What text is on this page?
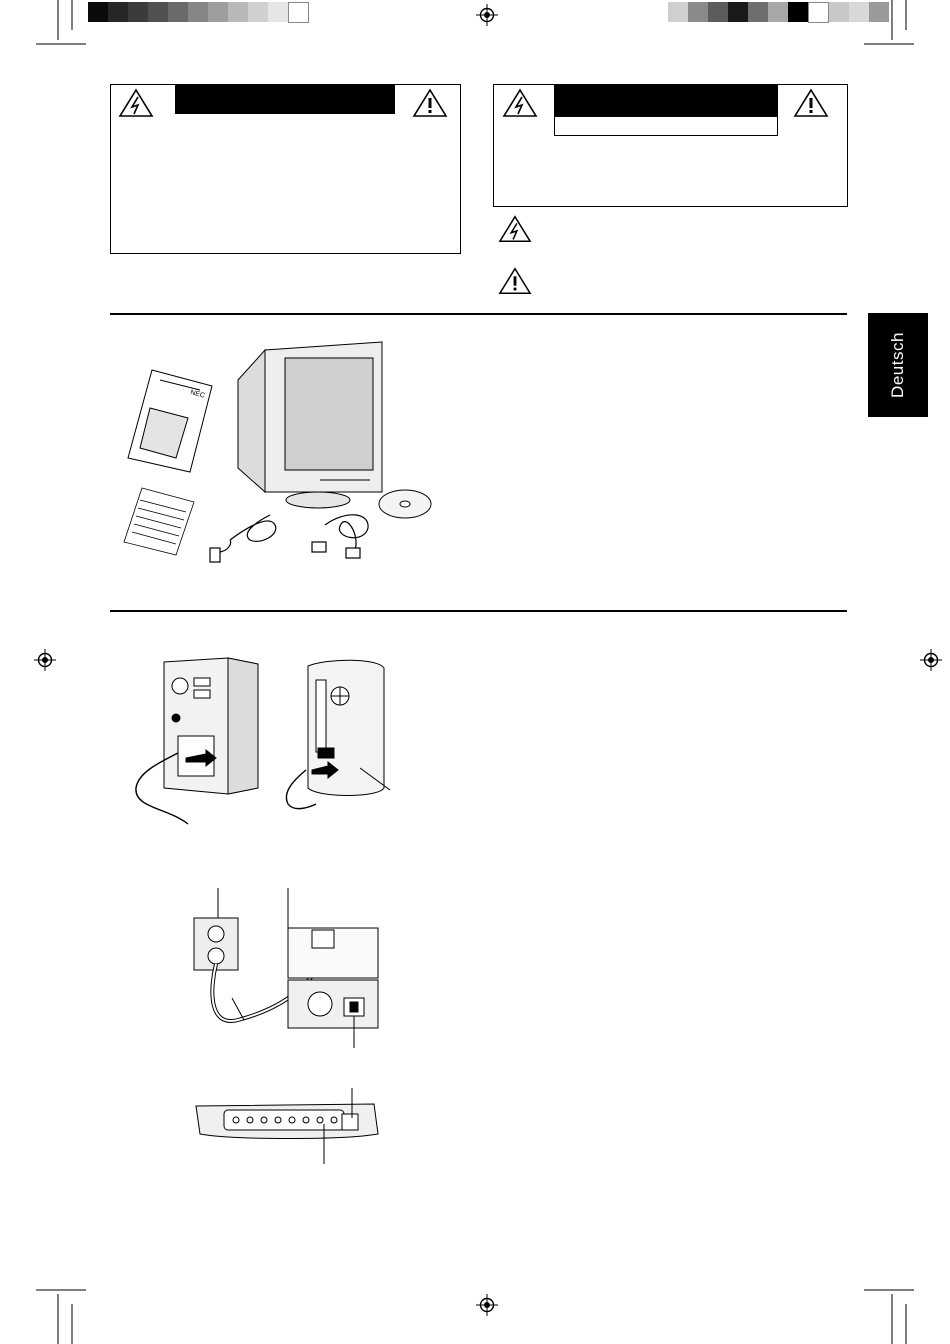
Deutsch
NEC
